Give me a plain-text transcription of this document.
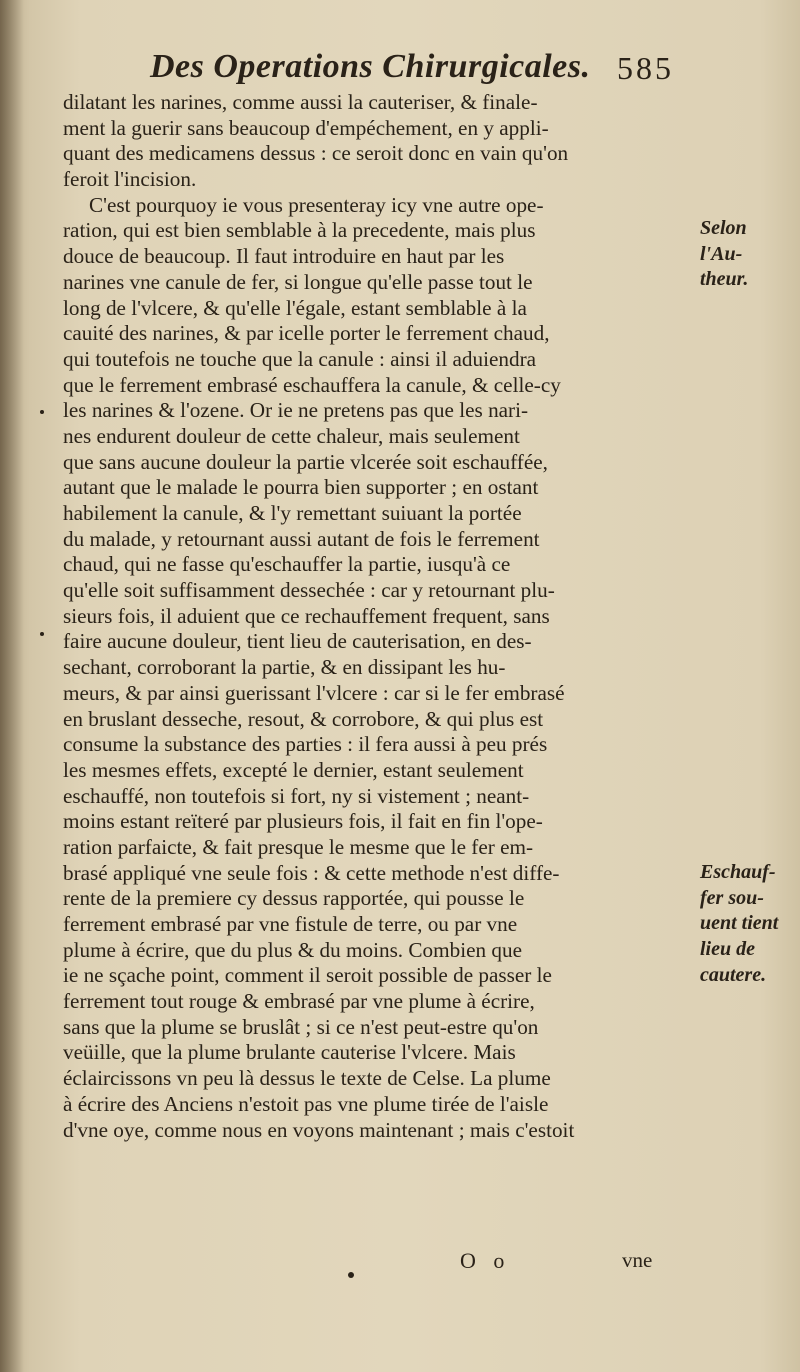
Des Operations Chirurgicales. 585
dilatant les narines, comme aussi la cauteriser, & finale-
ment la guerir sans beaucoup d'empéchement, en y appli-
quant des medicamens dessus : ce seroit donc en vain qu'on
feroit l'incision.
C'est pourquoy ie vous presenteray icy vne autre ope-
ration, qui est bien semblable à la precedente, mais plus
douce de beaucoup. Il faut introduire en haut par les
narines vne canule de fer, si longue qu'elle passe tout le
long de l'vlcere, & qu'elle l'égale, estant semblable à la
cauité des narines, & par icelle porter le ferrement chaud,
qui toutefois ne touche que la canule : ainsi il aduiendra
que le ferrement embrasé eschauffera la canule, & celle-cy
les narines & l'ozene. Or ie ne pretens pas que les nari-
nes endurent douleur de cette chaleur, mais seulement
que sans aucune douleur la partie vlcerée soit eschauffée,
autant que le malade le pourra bien supporter ; en ostant
habilement la canule, & l'y remettant suiuant la portée
du malade, y retournant aussi autant de fois le ferrement
chaud, qui ne fasse qu'eschauffer la partie, iusqu'à ce
qu'elle soit suffisamment dessechée : car y retournant plu-
sieurs fois, il aduient que ce rechauffement frequent, sans
faire aucune douleur, tient lieu de cauterisation, en des-
sechant, corroborant la partie, & en dissipant les hu-
meurs, & par ainsi guerissant l'vlcere : car si le fer embrasé
en bruslant desseche, resout, & corrobore, & qui plus est
consume la substance des parties : il fera aussi à peu prés
les mesmes effets, excepté le dernier, estant seulement
eschauffé, non toutefois si fort, ny si vistement ; neant-
moins estant reïteré par plusieurs fois, il fait en fin l'ope-
ration parfaicte, & fait presque le mesme que le fer em-
brasé appliqué vne seule fois : & cette methode n'est diffe-
rente de la premiere cy dessus rapportée, qui pousse le
ferrement embrasé par vne fistule de terre, ou par vne
plume à écrire, que du plus & du moins. Combien que
ie ne sçache point, comment il seroit possible de passer le
ferrement tout rouge & embrasé par vne plume à écrire,
sans que la plume se bruslât ; si ce n'est peut-estre qu'on
veüille, que la plume brulante cauterise l'vlcere. Mais
éclaircissons vn peu là dessus le texte de Celse. La plume
à écrire des Anciens n'estoit pas vne plume tirée de l'aisle
d'vne oye, comme nous en voyons maintenant ; mais c'estoit
Selon
l'Au-
theur.
Eschauf-
fer sou-
uent tient
lieu de
cautere.
O o	vne
